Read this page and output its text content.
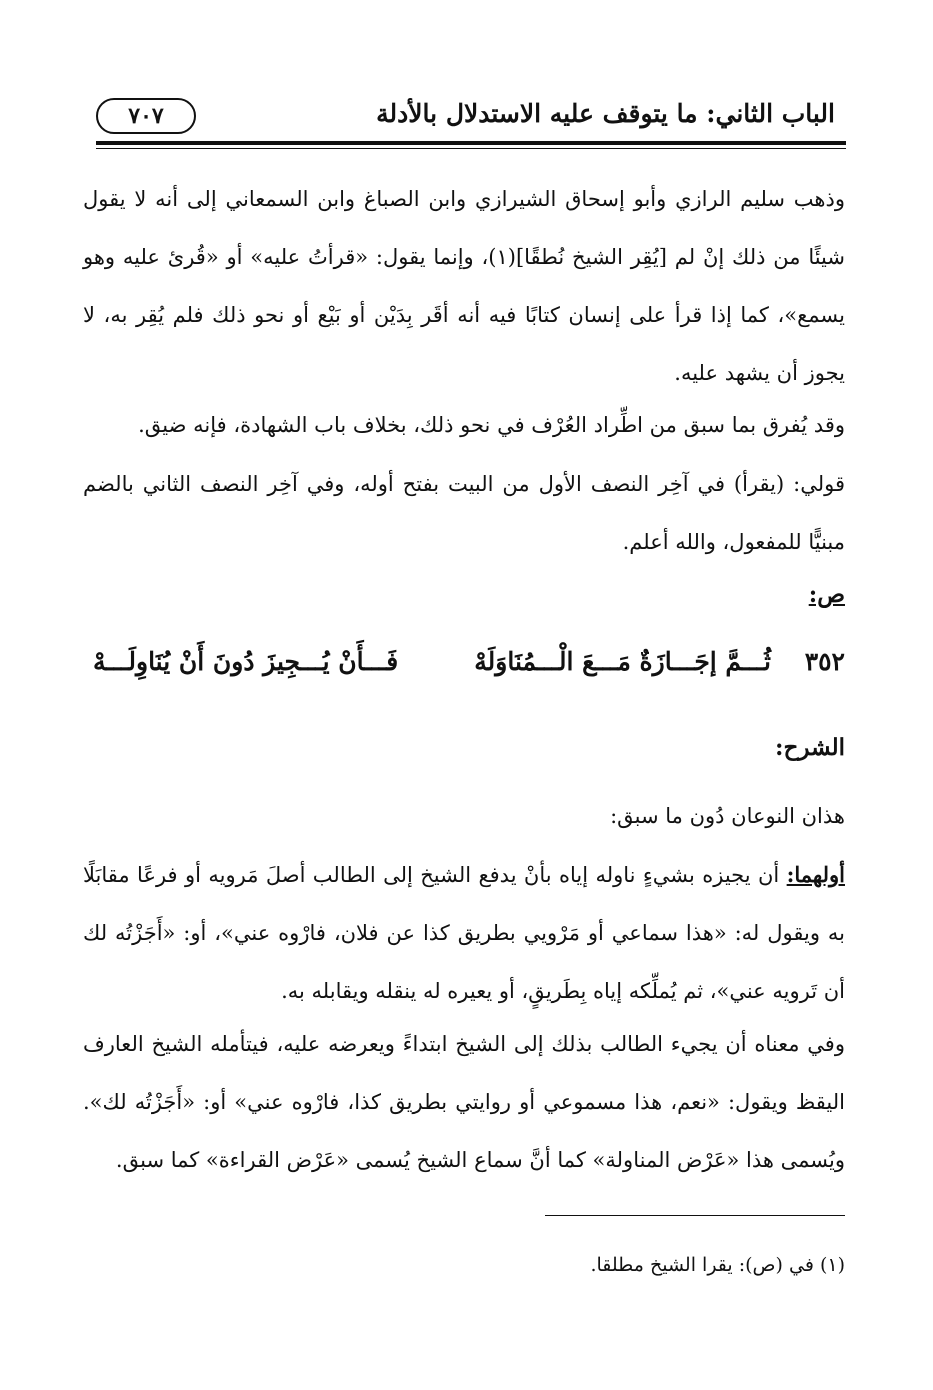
الباب الثاني: ما يتوقف عليه الاستدلال بالأدلة
٧٠٧
وذهب سليم الرازي وأبو إسحاق الشيرازي وابن الصباغ وابن السمعاني إلى أنه لا يقول شيئًا من ذلك إنْ لم [يُقِر الشيخ نُطقًا](١)، وإنما يقول: «قرأتُ عليه» أو «قُرئ عليه وهو يسمع»، كما إذا قرأ على إنسان كتابًا فيه أنه أقَر بِدَيْن أو بَيْع أو نحو ذلك فلم يُقِر به، لا يجوز أن يشهد عليه.
وقد يُفرق بما سبق من اطِّراد العُرْف في نحو ذلك، بخلاف باب الشهادة، فإنه ضيق.
قولي: (يقرأ) في آخِر النصف الأول من البيت بفتح أوله، وفي آخِر النصف الثاني بالضم مبنيًّا للمفعول، والله أعلم.
ص:
٣٥٢
ثُـــمَّ إجَـــازَةٌ مَـــعَ الْـــمُنَاوَلَهْ
فَـــأَنْ يُـــجِيزَ دُونَ أَنْ يُنَاوِلَـــهْ
الشرح:
هذان النوعان دُون ما سبق:
أولهما: أن يجيزه بشيءٍ ناوله إياه بأنْ يدفع الشيخ إلى الطالب أصلَ مَرويه أو فرعًا مقابَلًا به ويقول له: «هذا سماعي أو مَرْويي بطريق كذا عن فلان، فارْوه عني»، أو: «أَجَزْتُه لك أن تَرويه عني»، ثم يُملِّكه إياه بِطَريقٍ، أو يعيره له ينقله ويقابله به.
وفي معناه أن يجيء الطالب بذلك إلى الشيخ ابتداءً ويعرضه عليه، فيتأمله الشيخ العارف اليقظ ويقول: «نعم، هذا مسموعي أو روايتي بطريق كذا، فارْوه عني» أو: «أَجَزْتُه لك». ويُسمى هذا «عَرْض المناولة» كما أنَّ سماع الشيخ يُسمى «عَرْض القراءة» كما سبق.
(١) في (ص): يقرا الشيخ مطلقا.
